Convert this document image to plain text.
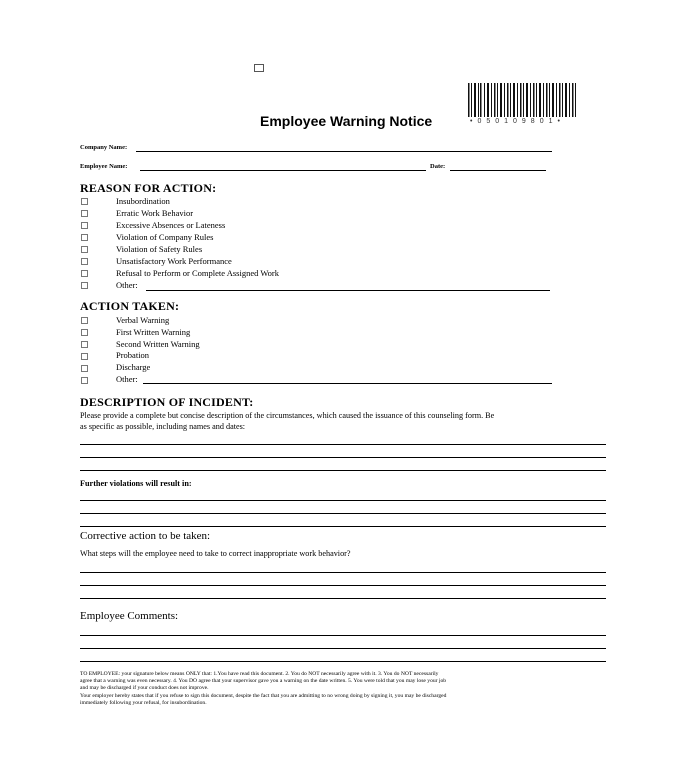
Employee Warning Notice	•050109801•
Company Name:
Employee Name:	Date:
REASON FOR ACTION:
Insubordination
Erratic Work Behavior
Excessive Absences or Lateness
Violation of Company Rules
Violation of Safety Rules
Unsatisfactory Work Performance
Refusal to Perform or Complete Assigned Work
Other:
ACTION TAKEN:
Verbal Warning
First Written Warning
Second Written Warning
Probation
Discharge
Other:
DESCRIPTION OF INCIDENT:
Please provide a complete but concise description of the circumstances, which caused the issuance of this counseling form. Be
as specific as possible, including names and dates:
Further violations will result in:
Corrective action to be taken:
What steps will the employee need to take to correct inappropriate work behavior?
Employee Comments:
TO EMPLOYEE: your signature below means ONLY that: 1.You have read this document. 2. You do NOT necessarily agree with it. 3. You do NOT necessarily
agree that a warning was even necessary. 4. You DO agree that your supervisor gave you a warning on the date written. 5. You were told that you may lose your job
and may be discharged if your conduct does not improve.
Your employer hereby states that if you refuse to sign this document, despite the fact that you are admitting to no wrong doing by signing it, you may be discharged
immediately following your refusal, for insubordination.
